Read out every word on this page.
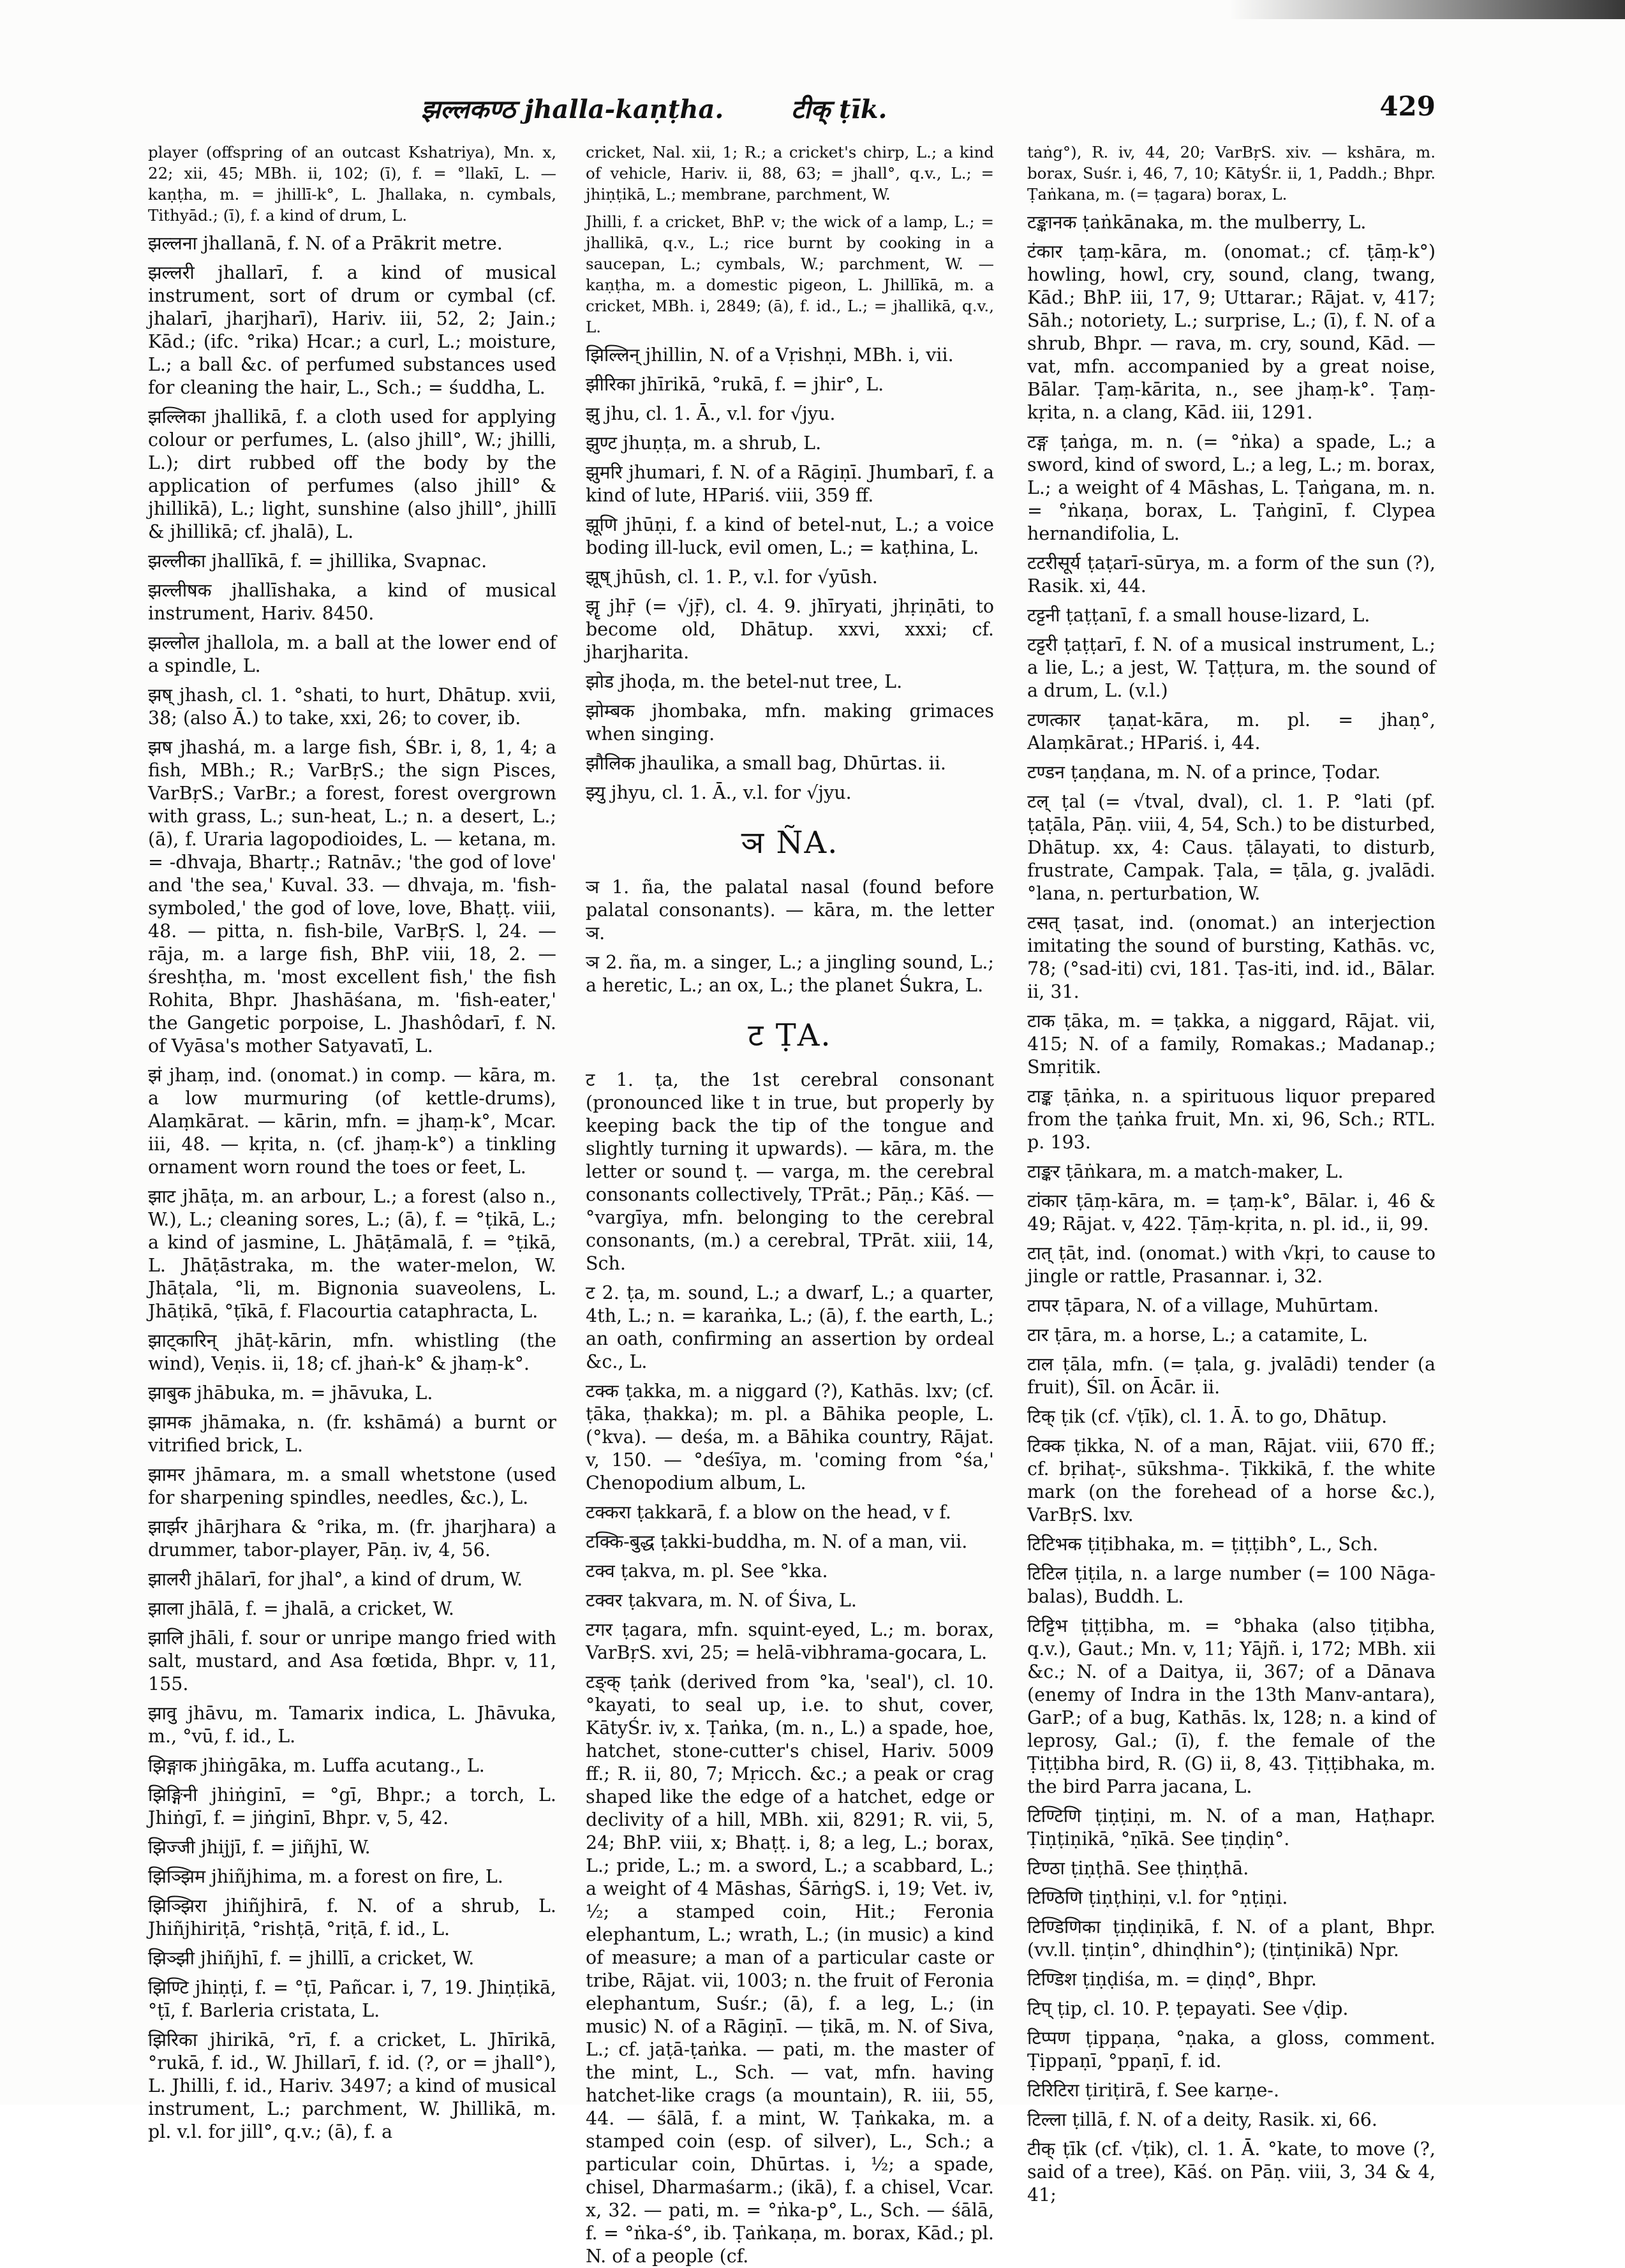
झल्लकण्ठ jhalla-kaṇṭha.	टीक् ṭīk.	429
player (offspring of an outcast Kshatriya), Mn. x, 22; xii, 45; MBh. ii, 102; (ī), f. = °llakī, L. — kaṇṭha, m. = jhillī-k°, L. Jhallaka, n. cymbals, Tithyād.; (ī), f. a kind of drum, L.
झल्लना jhallanā, f. N. of a Prākrit metre.
झल्लरी jhallarī, f. a kind of musical instrument, sort of drum or cymbal (cf. jhalarī, jharjharī), Hariv. iii, 52, 2; Jain.; Kād.; (ifc. °rika) Hcar.; a curl, L.; moisture, L.; a ball &c. of perfumed substances used for cleaning the hair, L., Sch.; = śuddha, L.
झल्लिका jhallikā, f. a cloth used for applying colour or perfumes, L. (also jhill°, W.; jhilli, L.); dirt rubbed off the body by the application of perfumes (also jhill° & jhillikā), L.; light, sunshine (also jhill°, jhillī & jhillikā; cf. jhalā), L.
झल्लीका jhallīkā, f. = jhillika, Svapnac.
झल्लीषक jhallīshaka, a kind of musical instrument, Hariv. 8450.
झल्लोल jhallola, m. a ball at the lower end of a spindle, L.
झष् jhash, cl. 1. °shati, to hurt, Dhātup. xvii, 38; (also Ā.) to take, xxi, 26; to cover, ib.
झष jhashá, m. a large fish, ŚBr. i, 8, 1, 4; a fish, MBh.; R.; VarBṛS.; the sign Pisces, VarBṛS.; VarBr.; a forest, forest overgrown with grass, L.; sun-heat, L.; n. a desert, L.; (ā), f. Uraria lagopodioides, L. — ketana, m. = -dhvaja, Bhartṛ.; Ratnāv.; 'the god of love' and 'the sea,' Kuval. 33. — dhvaja, m. 'fish-symboled,' the god of love, love, Bhaṭṭ. viii, 48. — pitta, n. fish-bile, VarBṛS. l, 24. — rāja, m. a large fish, BhP. viii, 18, 2. — śreshṭha, m. 'most excellent fish,' the fish Rohita, Bhpr. Jhashāśana, m. 'fish-eater,' the Gangetic porpoise, L. Jhashôdarī, f. N. of Vyāsa's mother Satyavatī, L.
झं jhaṃ, ind. (onomat.) in comp. — kāra, m. a low murmuring (of kettle-drums), Alaṃkārat. — kārin, mfn. = jhaṃ-k°, Mcar. iii, 48. — kṛita, n. (cf. jhaṃ-k°) a tinkling ornament worn round the toes or feet, L.
झाट jhāṭa, m. an arbour, L.; a forest (also n., W.), L.; cleaning sores, L.; (ā), f. = °ṭikā, L.; a kind of jasmine, L. Jhāṭāmalā, f. = °ṭikā, L. Jhāṭāstraka, m. the water-melon, W. Jhāṭala, °li, m. Bignonia suaveolens, L. Jhāṭikā, °ṭīkā, f. Flacourtia cataphracta, L.
झाट्कारिन् jhāṭ-kārin, mfn. whistling (the wind), Veṇis. ii, 18; cf. jhaṅ-k° & jhaṃ-k°.
झाबुक jhābuka, m. = jhāvuka, L.
झामक jhāmaka, n. (fr. kshāmá) a burnt or vitrified brick, L.
झामर jhāmara, m. a small whetstone (used for sharpening spindles, needles, &c.), L.
झार्झर jhārjhara & °rika, m. (fr. jharjhara) a drummer, tabor-player, Pāṇ. iv, 4, 56.
झालरी jhālarī, for jhal°, a kind of drum, W.
झाला jhālā, f. = jhalā, a cricket, W.
झालि jhāli, f. sour or unripe mango fried with salt, mustard, and Asa fœtida, Bhpr. v, 11, 155.
झावु jhāvu, m. Tamarix indica, L. Jhāvuka, m., °vū, f. id., L.
झिङ्गाक jhiṅgāka, m. Luffa acutang., L.
झिङ्गिनी jhiṅginī, = °gī, Bhpr.; a torch, L. Jhiṅgī, f. = jiṅginī, Bhpr. v, 5, 42.
झिज्जी jhijjī, f. = jiñjhī, W.
झिञ्झिम jhiñjhima, m. a forest on fire, L.
झिञ्झिरा jhiñjhirā, f. N. of a shrub, L. Jhiñjhiriṭā, °rishṭā, °riṭā, f. id., L.
झिञ्झी jhiñjhī, f. = jhillī, a cricket, W.
झिण्टि jhiṇṭi, f. = °ṭī, Pañcar. i, 7, 19. Jhiṇṭikā, °ṭī, f. Barleria cristata, L.
झिरिका jhirikā, °rī, f. a cricket, L. Jhīrikā, °rukā, f. id., W. Jhillarī, f. id. (?, or = jhall°), L. Jhilli, f. id., Hariv. 3497; a kind of musical instrument, L.; parchment, W. Jhillikā, m. pl. v.l. for jill°, q.v.; (ā), f. a
cricket, Nal. xii, 1; R.; a cricket's chirp, L.; a kind of vehicle, Hariv. ii, 88, 63; = jhall°, q.v., L.; = jhiṇṭikā, L.; membrane, parchment, W.
Jhilli, f. a cricket, BhP. v; the wick of a lamp, L.; = jhallikā, q.v., L.; rice burnt by cooking in a saucepan, L.; cymbals, W.; parchment, W. — kaṇṭha, m. a domestic pigeon, L. Jhillīkā, m. a cricket, MBh. i, 2849; (ā), f. id., L.; = jhallikā, q.v., L.
झिल्लिन् jhillin, N. of a Vṛishṇi, MBh. i, vii.
झीरिका jhīrikā, °rukā, f. = jhir°, L.
झु jhu, cl. 1. Ā., v.l. for √jyu.
झुण्ट jhuṇṭa, m. a shrub, L.
झुमरि jhumari, f. N. of a Rāgiṇī. Jhumbarī, f. a kind of lute, HPariś. viii, 359 ff.
झूणि jhūṇi, f. a kind of betel-nut, L.; a voice boding ill-luck, evil omen, L.; = kaṭhina, L.
झूष् jhūsh, cl. 1. P., v.l. for √yūsh.
झॄ jhṝ (= √jṝ), cl. 4. 9. jhīryati, jhṛiṇāti, to become old, Dhātup. xxvi, xxxi; cf. jharjharita.
झोड jhoḍa, m. the betel-nut tree, L.
झोम्बक jhombaka, mfn. making grimaces when singing.
झौलिक jhaulika, a small bag, Dhūrtas. ii.
झ्यु jhyu, cl. 1. Ā., v.l. for √jyu.
ञ ÑA.
ञ 1. ña, the palatal nasal (found before palatal consonants). — kāra, m. the letter ञ.
ञ 2. ña, m. a singer, L.; a jingling sound, L.; a heretic, L.; an ox, L.; the planet Śukra, L.
ट ṬA.
ट 1. ṭa, the 1st cerebral consonant (pronounced like t in true, but properly by keeping back the tip of the tongue and slightly turning it upwards). — kāra, m. the letter or sound ṭ. — varga, m. the cerebral consonants collectively, TPrāt.; Pāṇ.; Kāś. — °vargīya, mfn. belonging to the cerebral consonants, (m.) a cerebral, TPrāt. xiii, 14, Sch.
ट 2. ṭa, m. sound, L.; a dwarf, L.; a quarter, 4th, L.; n. = karaṅka, L.; (ā), f. the earth, L.; an oath, confirming an assertion by ordeal &c., L.
टक्क ṭakka, m. a niggard (?), Kathās. lxv; (cf. ṭāka, ṭhakka); m. pl. a Bāhika people, L. (°kva). — deśa, m. a Bāhika country, Rājat. v, 150. — °deśīya, m. 'coming from °śa,' Chenopodium album, L.
टक्करा ṭakkarā, f. a blow on the head, v f.
टक्कि-बुद्ध ṭakki-buddha, m. N. of a man, vii.
टक्व ṭakva, m. pl. See °kka.
टक्वर ṭakvara, m. N. of Śiva, L.
टगर ṭagara, mfn. squint-eyed, L.; m. borax, VarBṛS. xvi, 25; = helā-vibhrama-gocara, L.
टङ्क् ṭaṅk (derived from °ka, 'seal'), cl. 10. °kayati, to seal up, i.e. to shut, cover, KātyŚr. iv, x. Ṭaṅka, (m. n., L.) a spade, hoe, hatchet, stone-cutter's chisel, Hariv. 5009 ff.; R. ii, 80, 7; Mṛicch. &c.; a peak or crag shaped like the edge of a hatchet, edge or declivity of a hill, MBh. xii, 8291; R. vii, 5, 24; BhP. viii, x; Bhaṭṭ. i, 8; a leg, L.; borax, L.; pride, L.; m. a sword, L.; a scabbard, L.; a weight of 4 Māshas, ŚārṅgS. i, 19; Vet. iv, ½; a stamped coin, Hit.; Feronia elephantum, L.; wrath, L.; (in music) a kind of measure; a man of a particular caste or tribe, Rājat. vii, 1003; n. the fruit of Feronia elephantum, Suśr.; (ā), f. a leg, L.; (in music) N. of a Rāgiṇī. — ṭikā, m. N. of Siva, L.; cf. jaṭā-ṭaṅka. — pati, m. the master of the mint, L., Sch. — vat, mfn. having hatchet-like crags (a mountain), R. iii, 55, 44. — śālā, f. a mint, W. Ṭaṅkaka, m. a stamped coin (esp. of silver), L., Sch.; a particular coin, Dhūrtas. i, ½; a spade, chisel, Dharmaśarm.; (ikā), f. a chisel, Vcar. x, 32. — pati, m. = °ṅka-p°, L., Sch. — śālā, f. = °ṅka-ś°, ib. Ṭaṅkaṇa, m. borax, Kād.; pl. N. of a people (cf.
taṅg°), R. iv, 44, 20; VarBṛS. xiv. — kshāra, m. borax, Suśr. i, 46, 7, 10; KātyŚr. ii, 1, Paddh.; Bhpr. Ṭaṅkana, m. (= ṭagara) borax, L.
टङ्कानक ṭaṅkānaka, m. the mulberry, L.
टंकार ṭaṃ-kāra, m. (onomat.; cf. ṭāṃ-k°) howling, howl, cry, sound, clang, twang, Kād.; BhP. iii, 17, 9; Uttarar.; Rājat. v, 417; Sāh.; notoriety, L.; surprise, L.; (ī), f. N. of a shrub, Bhpr. — rava, m. cry, sound, Kād. — vat, mfn. accompanied by a great noise, Bālar. Ṭaṃ-kārita, n., see jhaṃ-k°. Ṭaṃ-kṛita, n. a clang, Kād. iii, 1291.
टङ्ग ṭaṅga, m. n. (= °ṅka) a spade, L.; a sword, kind of sword, L.; a leg, L.; m. borax, L.; a weight of 4 Māshas, L. Ṭaṅgana, m. n. = °ṅkaṇa, borax, L. Ṭaṅginī, f. Clypea hernandifolia, L.
टटरीसूर्य ṭaṭarī-sūrya, m. a form of the sun (?), Rasik. xi, 44.
टट्टनी ṭaṭṭanī, f. a small house-lizard, L.
टट्टरी ṭaṭṭarī, f. N. of a musical instrument, L.; a lie, L.; a jest, W. Ṭaṭṭura, m. the sound of a drum, L. (v.l.)
टणत्कार ṭaṇat-kāra, m. pl. = jhaṇ°, Alaṃkārat.; HPariś. i, 44.
टण्डन ṭaṇḍana, m. N. of a prince, Ṭodar.
टल् ṭal (= √tval, dval), cl. 1. P. °lati (pf. ṭaṭāla, Pāṇ. viii, 4, 54, Sch.) to be disturbed, Dhātup. xx, 4: Caus. ṭālayati, to disturb, frustrate, Campak. Ṭala, = ṭāla, g. jvalādi. °lana, n. perturbation, W.
टसत् ṭasat, ind. (onomat.) an interjection imitating the sound of bursting, Kathās. vc, 78; (°sad-iti) cvi, 181. Ṭas-iti, ind. id., Bālar. ii, 31.
टाक ṭāka, m. = ṭakka, a niggard, Rājat. vii, 415; N. of a family, Romakas.; Madanap.; Smṛitik.
टाङ्क ṭāṅka, n. a spirituous liquor prepared from the ṭaṅka fruit, Mn. xi, 96, Sch.; RTL. p. 193.
टाङ्कर ṭāṅkara, m. a match-maker, L.
टांकार ṭāṃ-kāra, m. = ṭaṃ-k°, Bālar. i, 46 & 49; Rājat. v, 422. Ṭāṃ-kṛita, n. pl. id., ii, 99.
टात् ṭāt, ind. (onomat.) with √kṛi, to cause to jingle or rattle, Prasannar. i, 32.
टापर ṭāpara, N. of a village, Muhūrtam.
टार ṭāra, m. a horse, L.; a catamite, L.
टाल ṭāla, mfn. (= ṭala, g. jvalādi) tender (a fruit), Śīl. on Ācār. ii.
टिक् ṭik (cf. √ṭīk), cl. 1. Ā. to go, Dhātup.
टिक्क ṭikka, N. of a man, Rājat. viii, 670 ff.; cf. bṛihaṭ-, sūkshma-. Ṭikkikā, f. the white mark (on the forehead of a horse &c.), VarBṛS. lxv.
टिटिभक ṭiṭibhaka, m. = ṭiṭṭibh°, L., Sch.
टिटिल ṭiṭila, n. a large number (= 100 Nāga-balas), Buddh. L.
टिट्टिभ ṭiṭṭibha, m. = °bhaka (also ṭiṭibha, q.v.), Gaut.; Mn. v, 11; Yājñ. i, 172; MBh. xii &c.; N. of a Daitya, ii, 367; of a Dānava (enemy of Indra in the 13th Manv-antara), GarP.; of a bug, Kathās. lx, 128; n. a kind of leprosy, Gal.; (ī), f. the female of the Ṭiṭṭibha bird, R. (G) ii, 8, 43. Ṭiṭṭibhaka, m. the bird Parra jacana, L.
टिण्टिणि ṭiṇṭiṇi, m. N. of a man, Haṭhapr. Ṭiṇṭiṇikā, °ṇīkā. See ṭiṇḍiṇ°.
टिण्ठा ṭiṇṭhā. See ṭhiṇṭhā.
टिण्ठिणि ṭiṇṭhiṇi, v.l. for °ṇṭiṇi.
टिण्डिणिका ṭiṇḍiṇikā, f. N. of a plant, Bhpr. (vv.ll. ṭinṭin°, dhinḍhin°); (ṭinṭinikā) Npr.
टिण्डिश ṭiṇḍiśa, m. = ḍiṇḍ°, Bhpr.
टिप् ṭip, cl. 10. P. ṭepayati. See √ḍip.
टिप्पण ṭippaṇa, °ṇaka, a gloss, comment. Ṭippaṇī, °ppaṇī, f. id.
टिरिटिरा ṭiriṭirā, f. See karṇe-.
टिल्ला ṭillā, f. N. of a deity, Rasik. xi, 66.
टीक् ṭīk (cf. √ṭik), cl. 1. Ā. °kate, to move (?, said of a tree), Kāś. on Pāṇ. viii, 3, 34 & 4, 41;
